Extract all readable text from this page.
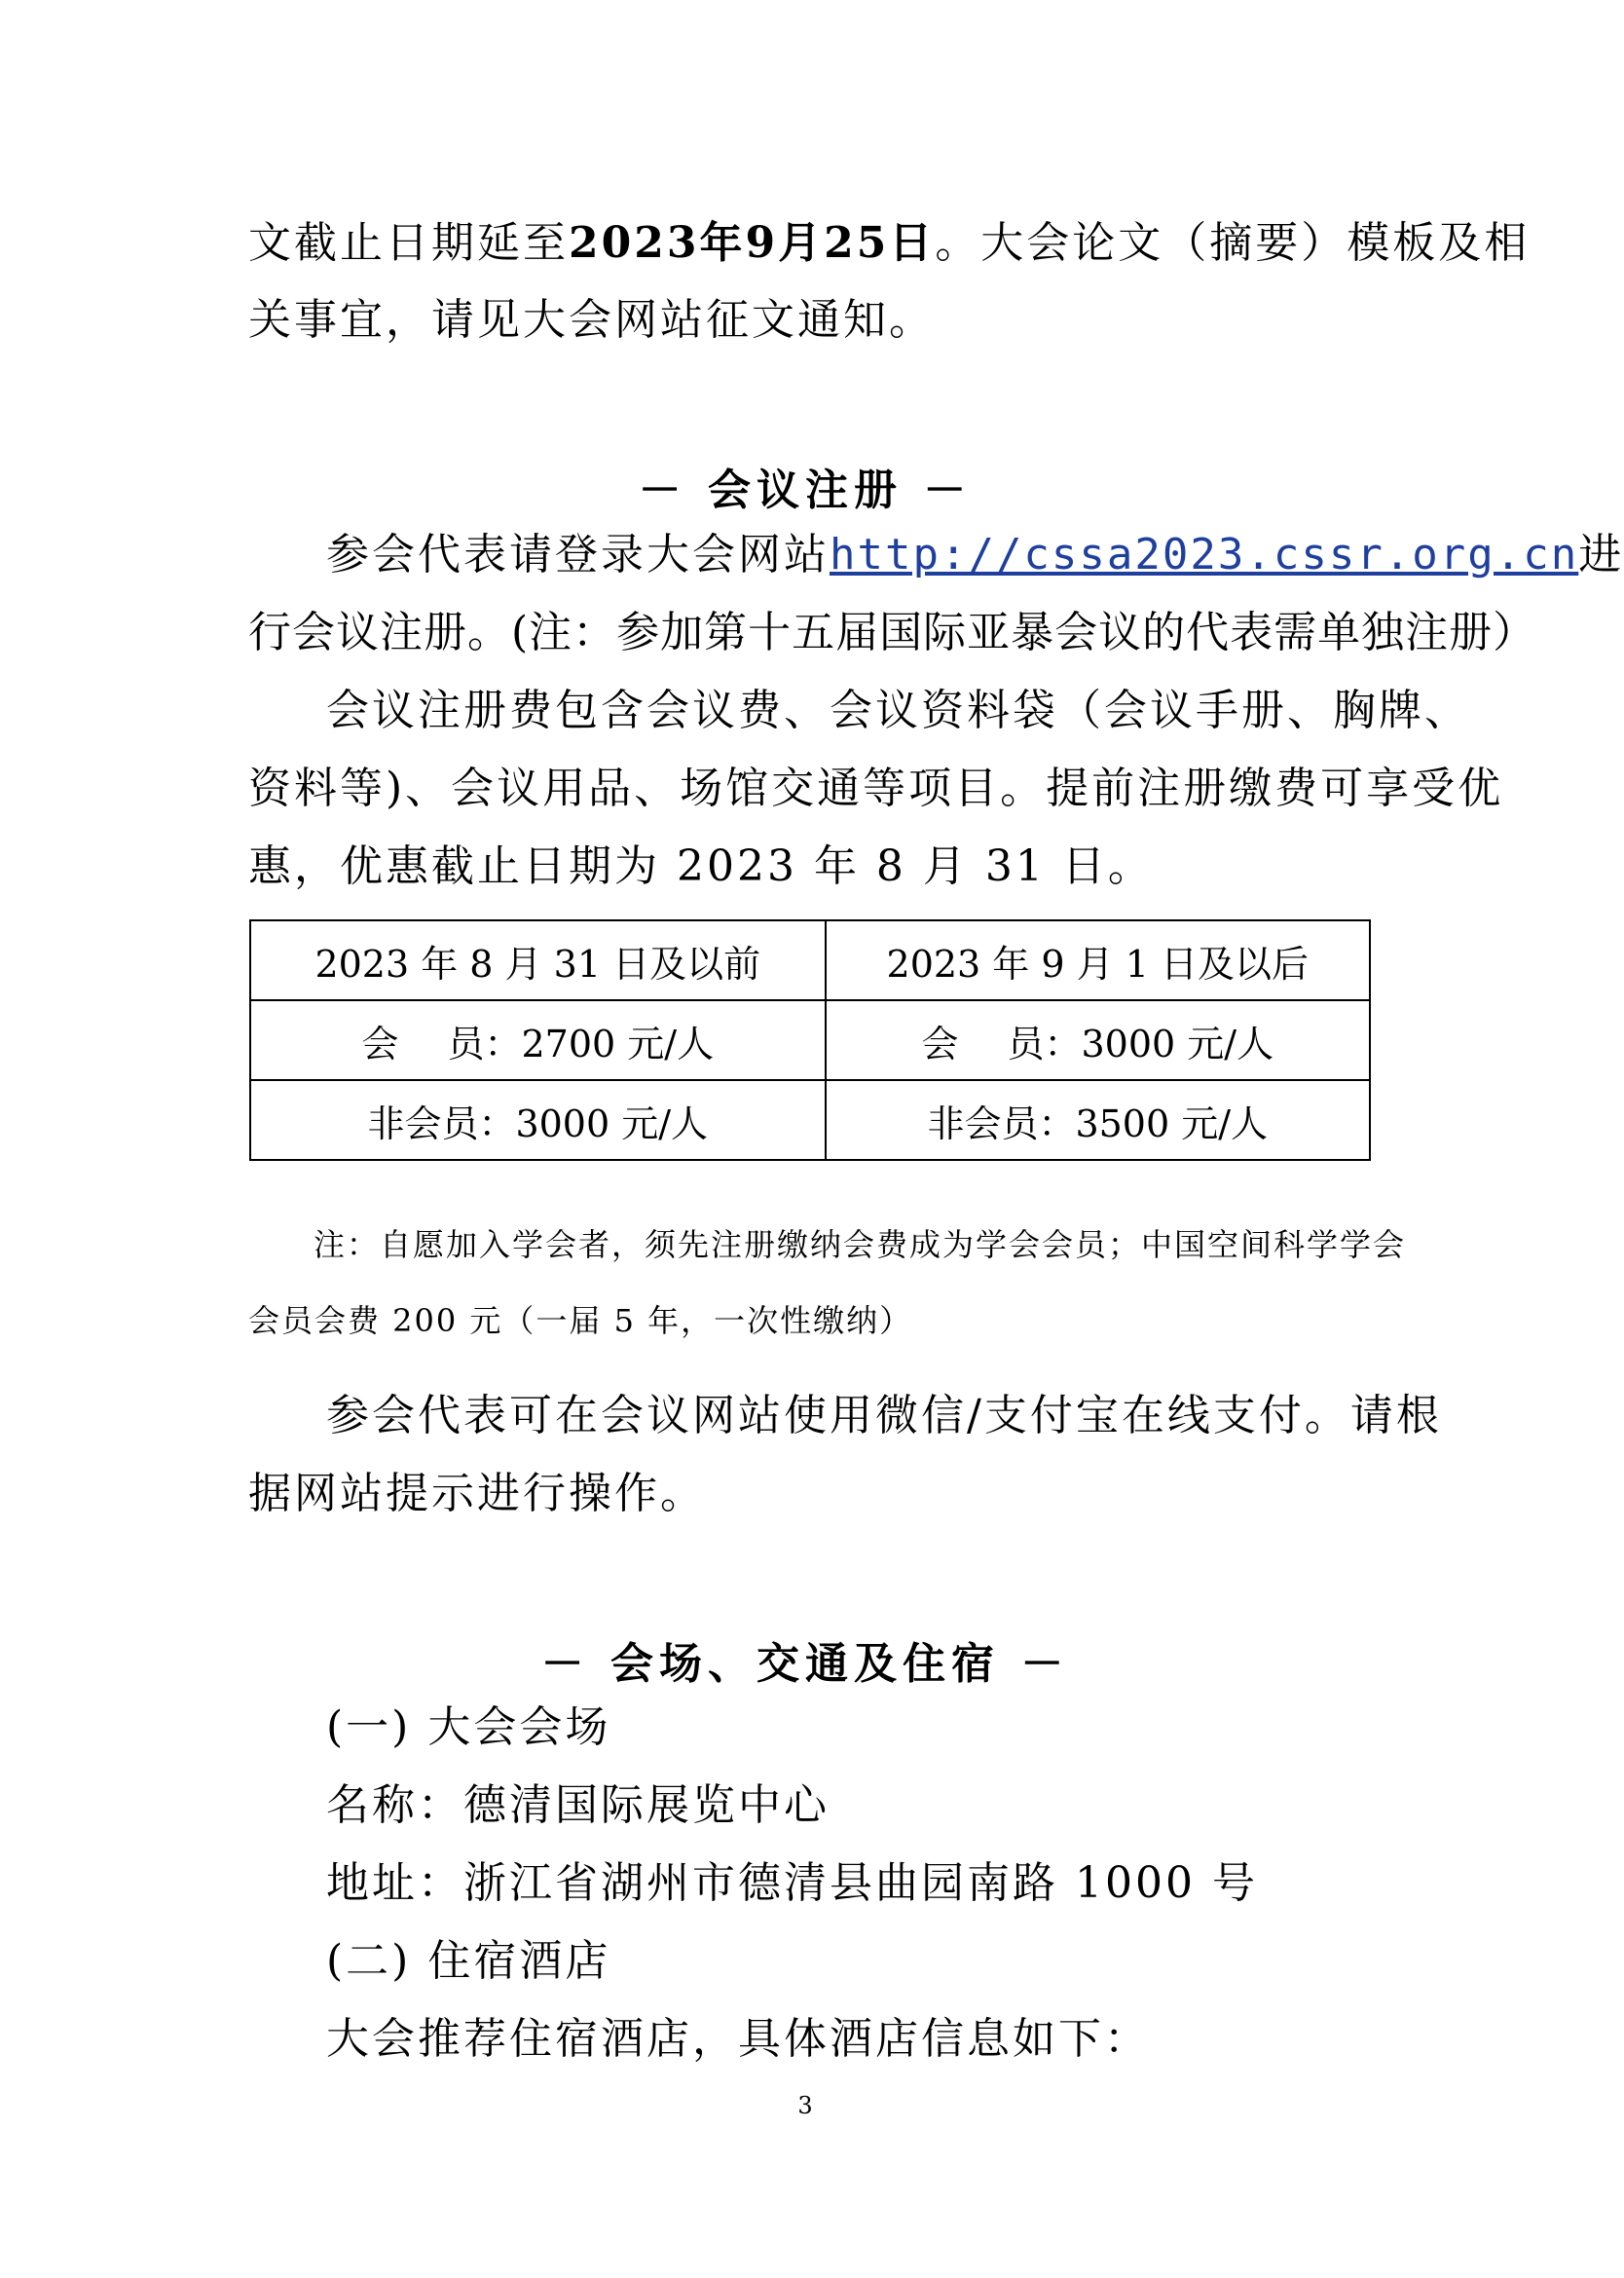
文截止日期延至2023年9月25日。大会论文（摘要）模板及相
关事宜，请见大会网站征文通知。
－ 会议注册 －
参会代表请登录大会网站http://cssa2023.cssr.org.cn进
行会议注册。(注：参加第十五届国际亚暴会议的代表需单独注册）
会议注册费包含会议费、会议资料袋（会议手册、胸牌、
资料等)、会议用品、场馆交通等项目。提前注册缴费可享受优
惠，优惠截止日期为 2023 年 8 月 31 日。
2023 年 8 月 31 日及以前	2023 年 9 月 1 日及以后
会　 员：2700 元/人	会　 员：3000 元/人
非会员：3000 元/人	非会员：3500 元/人
注：自愿加入学会者，须先注册缴纳会费成为学会会员；中国空间科学学会
会员会费 200 元（一届 5 年，一次性缴纳）
参会代表可在会议网站使用微信/支付宝在线支付。请根
据网站提示进行操作。
－ 会场、交通及住宿 －
(一) 大会会场
名称：德清国际展览中心
地址：浙江省湖州市德清县曲园南路 1000 号
(二) 住宿酒店
大会推荐住宿酒店，具体酒店信息如下：
3
